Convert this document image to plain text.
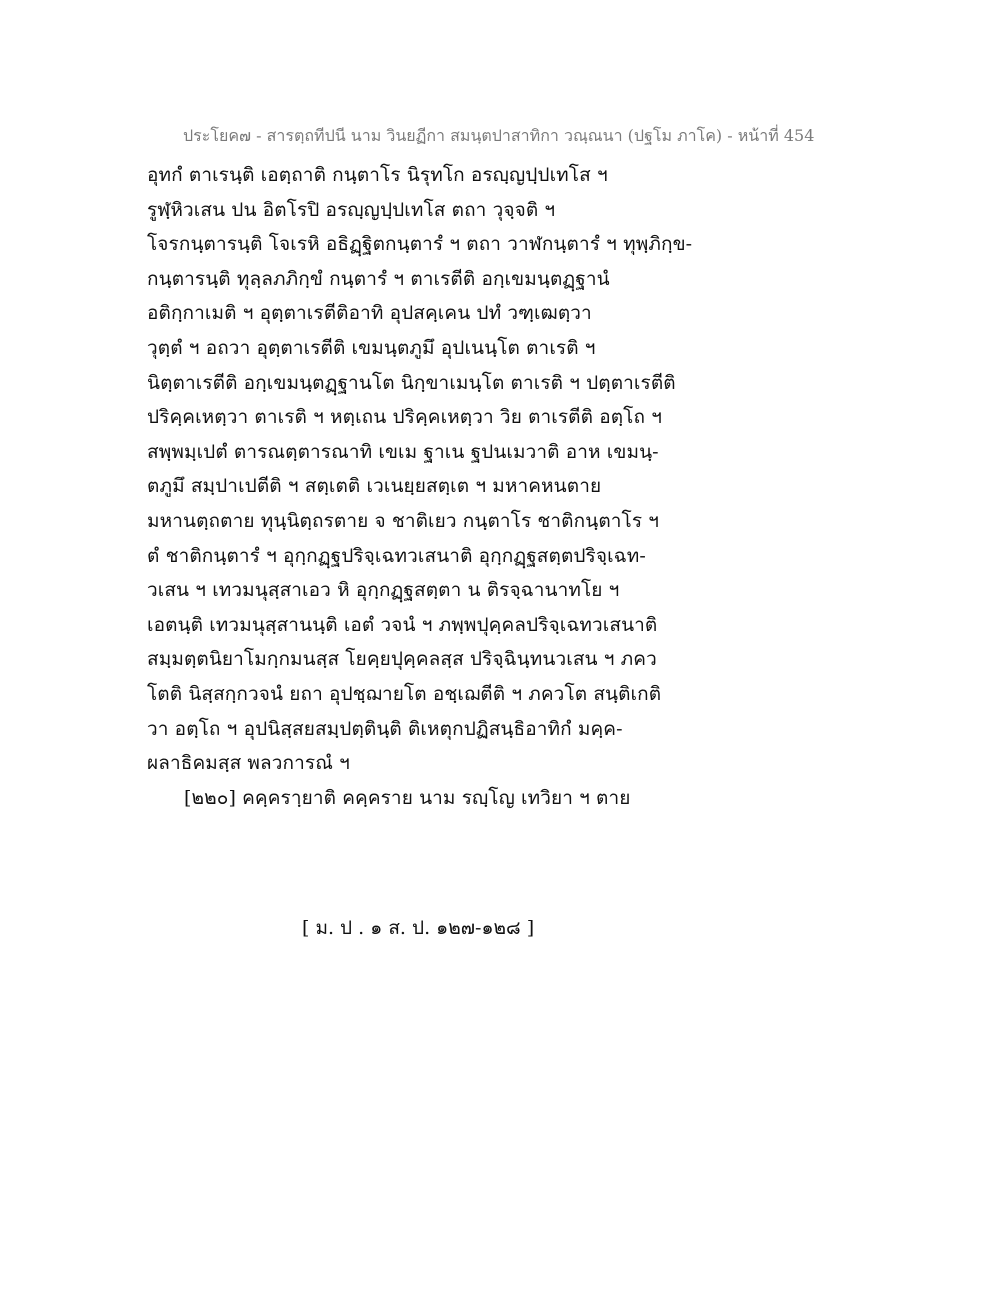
ประโยค๗ - สารตฺถทีปนี นาม วินยฏีกา สมนฺตปาสาทิกา วณฺณนา (ปฐโม ภาโค) - หน้าที่ 454
อุทกํ ตาเรนฺติ เอตฺถาติ กนฺตาโร นิรุทโก อรญฺญปฺปเทโส ฯ
รูฬฺหิวเสน ปน อิตโรปิ อรญฺญปฺปเทโส ตถา วุจฺจติ ฯ
โจรกนฺตารนฺติ โจเรหิ อธิฏฺฐิตกนฺตารํ ฯ ตถา วาฬกนฺตารํ ฯ ทุพฺภิกฺข-
กนฺตารนฺติ ทุลฺลภภิกฺขํ กนฺตารํ ฯ ตาเรตีติ อกฺเขมนฺตฏฺฐานํ
อติกฺกาเมติ ฯ อุตฺตาเรตีติอาทิ อุปสคฺเคน ปทํ วฑฺเฒตฺวา
วุตฺตํ ฯ อถวา อุตฺตาเรตีติ เขมนฺตภูมึ อุปเนนฺโต ตาเรติ ฯ
นิตฺตาเรตีติ อกฺเขมนฺตฏฺฐานโต นิกฺขาเมนฺโต ตาเรติ ฯ ปตฺตาเรตีติ
ปริคฺคเหตฺวา ตาเรติ ฯ หตฺเถน ปริคฺคเหตฺวา วิย ตาเรตีติ อตฺโถ ฯ
สพฺพมฺเปตํ ตารณตฺตารณาทิ เขเม ฐาเน ฐปนเมวาติ อาห เขมนฺ-
ตภูมึ สมฺปาเปตีติ ฯ สตฺเตติ เวเนยฺยสตฺเต ฯ มหาคหนตาย
มหานตฺถตาย ทุนฺนิตฺถรตาย จ ชาติเยว กนฺตาโร ชาติกนฺตาโร ฯ
ตํ ชาติกนฺตารํ ฯ อุกฺกฏฺฐปริจฺเฉทวเสนาติ อุกฺกฏฺฐสตฺตปริจฺเฉท-
วเสน ฯ เทวมนุสฺสาเอว หิ อุกฺกฏฺฐสตฺตา น ติรจฺฉานาทโย ฯ
เอตนฺติ เทวมนุสฺสานนฺติ เอตํ วจนํ ฯ ภพฺพปุคฺคลปริจฺเฉทวเสนาติ
สมฺมตฺตนิยาโมกฺกมนสฺส โยคฺยปุคฺคลสฺส ปริจฺฉินฺทนวเสน ฯ ภคว
โตติ นิสฺสกฺกวจนํ ยถา อุปชฺฌายโต อชฺเฌตีติ ฯ ภควโต สนฺติเกติ
วา อตฺโถ ฯ อุปนิสฺสยสมฺปตฺตินฺติ ติเหตุกปฏิสนฺธิอาทิกํ มคฺค-
ผลาธิคมสฺส พลวการณํ ฯ
[๒๒๐] คคฺคราฺยาติ คคฺคราย นาม รญฺโญ เทวิยา ฯ ตาย
[ ม. ป . ๑ ส. ป. ๑๒๗-๑๒๘ ]
